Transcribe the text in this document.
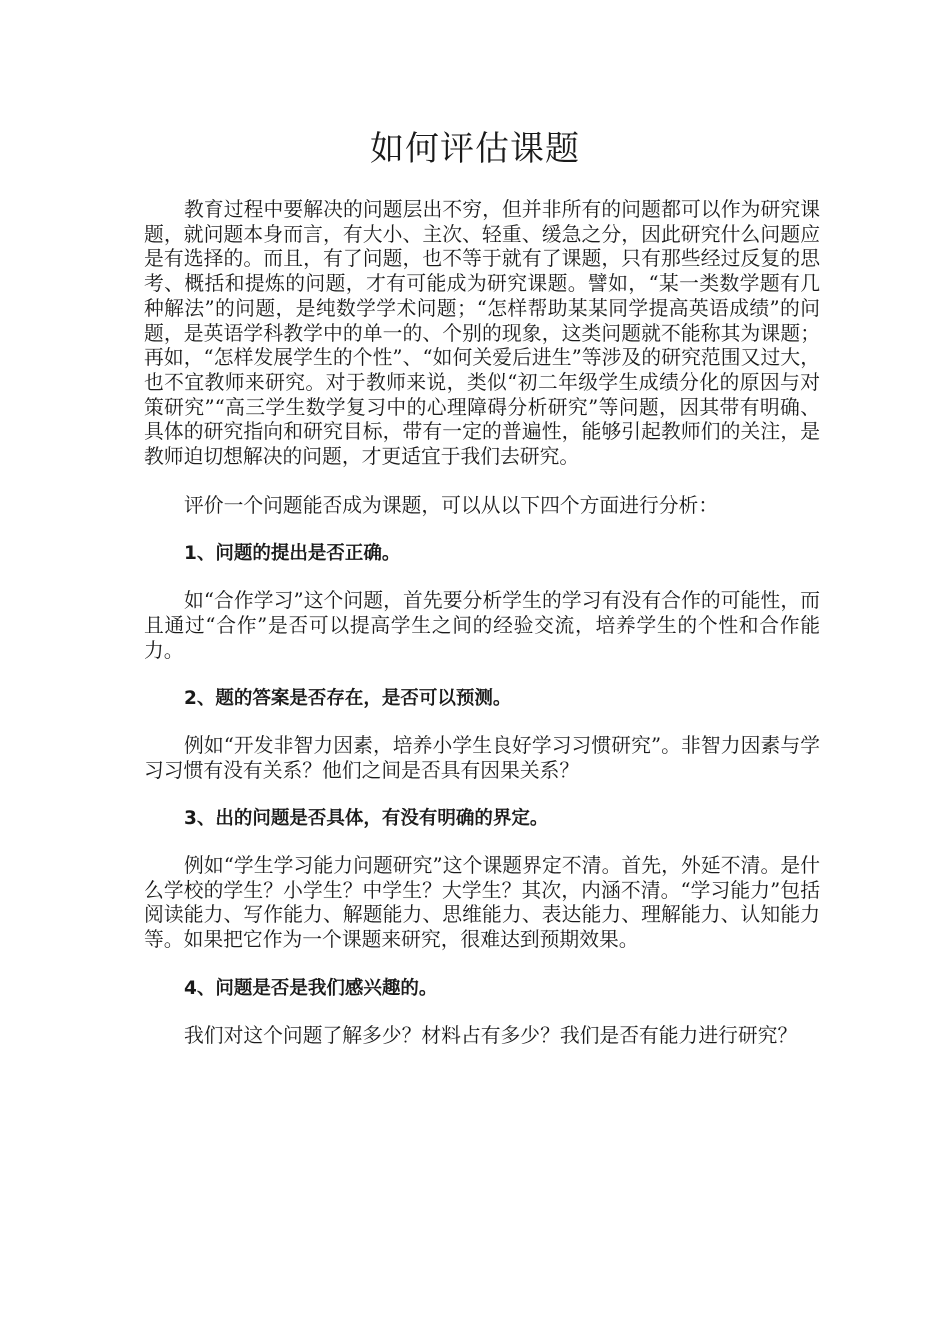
如何评估课题

教育过程中要解决的问题层出不穷，但并非所有的问题都可以作为研究课题，就问题本身而言，有大小、主次、轻重、缓急之分，因此研究什么问题应是有选择的。而且，有了问题，也不等于就有了课题，只有那些经过反复的思考、概括和提炼的问题，才有可能成为研究课题。譬如，“某一类数学题有几种解法”的问题，是纯数学学术问题；“怎样帮助某某同学提高英语成绩”的问题，是英语学科教学中的单一的、个别的现象，这类问题就不能称其为课题；再如，“怎样发展学生的个性”、“如何关爱后进生”等涉及的研究范围又过大，也不宜教师来研究。对于教师来说，类似“初二年级学生成绩分化的原因与对策研究”“高三学生数学复习中的心理障碍分析研究”等问题，因其带有明确、具体的研究指向和研究目标，带有一定的普遍性，能够引起教师们的关注，是教师迫切想解决的问题，才更适宜于我们去研究。

评价一个问题能否成为课题，可以从以下四个方面进行分析：

1、问题的提出是否正确。

如“合作学习”这个问题，首先要分析学生的学习有没有合作的可能性，而且通过“合作”是否可以提高学生之间的经验交流，培养学生的个性和合作能力。

2、题的答案是否存在，是否可以预测。

例如“开发非智力因素，培养小学生良好学习习惯研究”。非智力因素与学习习惯有没有关系？他们之间是否具有因果关系？

3、出的问题是否具体，有没有明确的界定。

例如“学生学习能力问题研究”这个课题界定不清。首先，外延不清。是什么学校的学生？小学生？中学生？大学生？其次，内涵不清。“学习能力”包括阅读能力、写作能力、解题能力、思维能力、表达能力、理解能力、认知能力等。如果把它作为一个课题来研究，很难达到预期效果。

4、问题是否是我们感兴趣的。

我们对这个问题了解多少？材料占有多少？我们是否有能力进行研究？
